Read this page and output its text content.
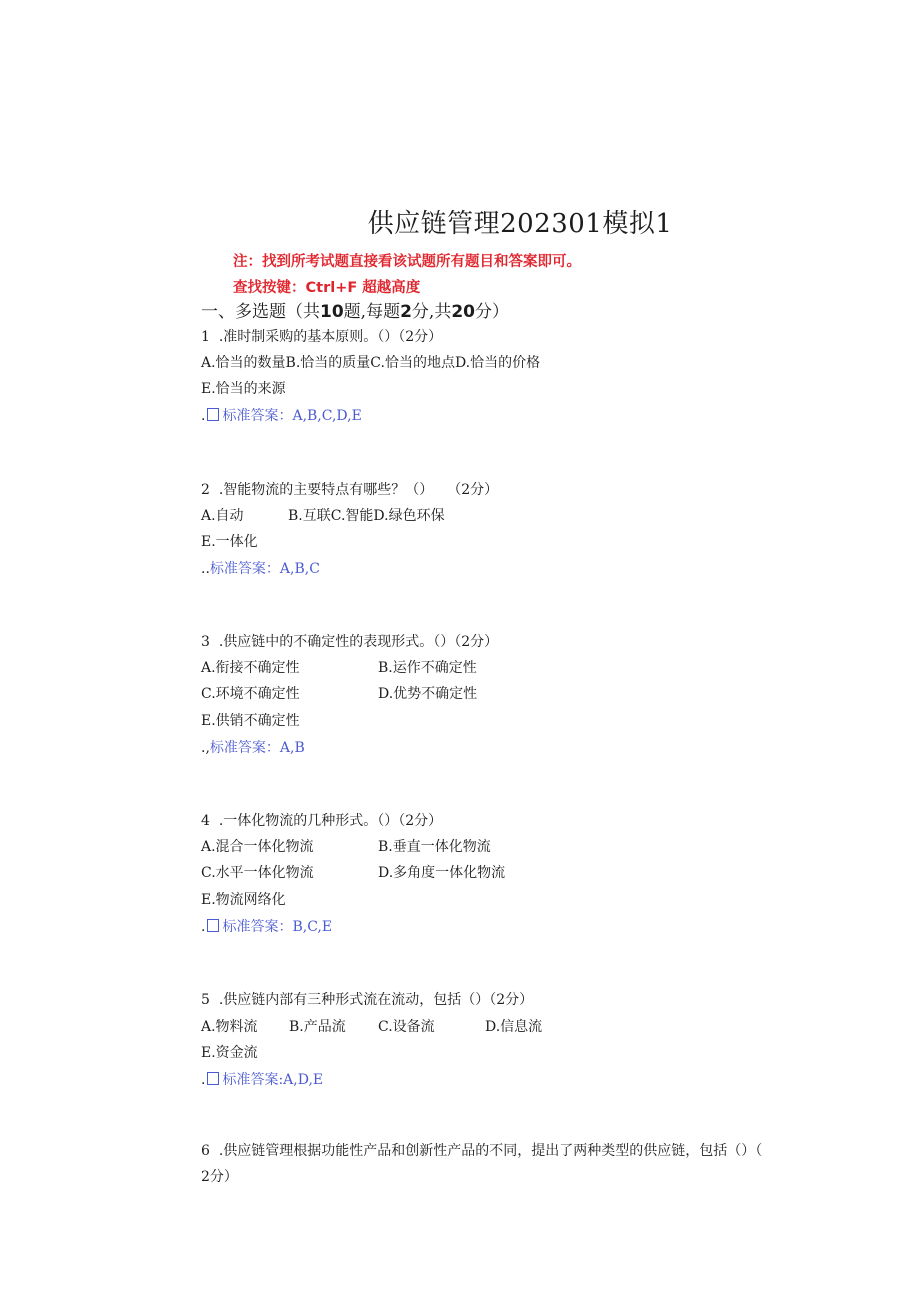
供应链管理202301模拟1
注：找到所考试题直接看该试题所有题目和答案即可。
查找按键：Ctrl+F 超越高度
一、多选题（共10题,每题2分,共20分）
1 .准时制采购的基本原则。（）（2分）
A.恰当的数量B.恰当的质量C.恰当的地点D.恰当的价格
E.恰当的来源
. 标准答案：A,B,C,D,E
2 .智能物流的主要特点有哪些？（）　　（2分）
A.自动	B.互联C.智能D.绿色环保
E.一体化
..标准答案：A,B,C
3 .供应链中的不确定性的表现形式。（）（2分）
A.衔接不确定性	B.运作不确定性
C.环境不确定性	D.优势不确定性
E.供销不确定性
.,标准答案：A,B
4 .一体化物流的几种形式。（）（2分）
A.混合一体化物流	B.垂直一体化物流
C.水平一体化物流	D.多角度一体化物流
E.物流网络化
. 标准答案：B,C,E
5 .供应链内部有三种形式流在流动，包括（）（2分）
A.物料流 B.产品流 C.设备流	D.信息流
E.资金流
. 标准答案:A,D,E
6 .供应链管理根据功能性产品和创新性产品的不同，提出了两种类型的供应链，包括（）（
2分）
